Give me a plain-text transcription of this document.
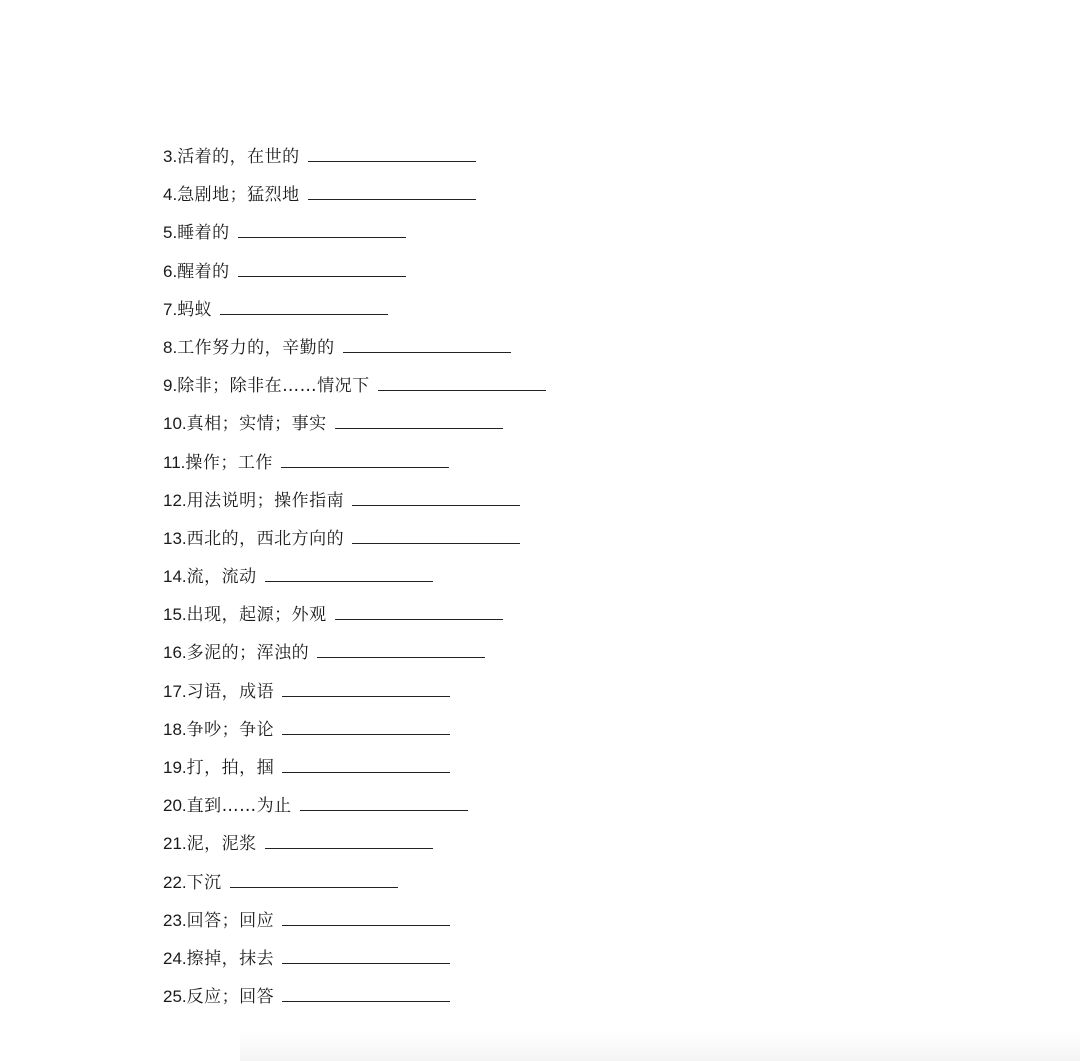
3.活着的，在世的
4.急剧地；猛烈地
5.睡着的
6.醒着的
7.蚂蚁
8.工作努力的，辛勤的
9.除非；除非在……情况下
10.真相；实情；事实
11.操作；工作
12.用法说明；操作指南
13.西北的，西北方向的
14.流，流动
15.出现，起源；外观
16.多泥的；浑浊的
17.习语，成语
18.争吵；争论
19.打，拍，掴
20.直到……为止
21.泥，泥浆
22.下沉
23.回答；回应
24.擦掉，抹去
25.反应；回答
